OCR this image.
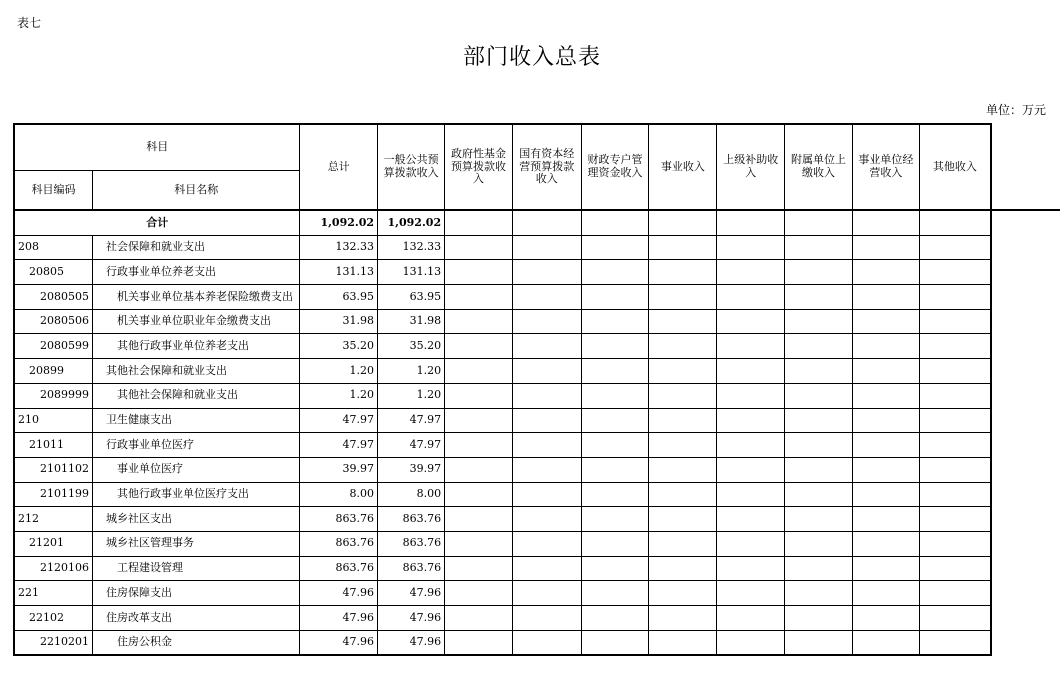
表七
部门收入总表
单位：万元
科目		总计	一般公共预算拨款收入	政府性基金预算拨款收入	国有资本经营预算拨款收入	财政专户管理资金收入	事业收入	上级补助收入	附属单位上缴收入	事业单位经营收入	其他收入
科目编码	科目名称										
合计		1,092.02	1,092.02								
208	社会保障和就业支出	132.33	132.33								
20805	行政事业单位养老支出	131.13	131.13								
2080505	机关事业单位基本养老保险缴费支出	63.95	63.95								
2080506	机关事业单位职业年金缴费支出	31.98	31.98								
2080599	其他行政事业单位养老支出	35.20	35.20								
20899	其他社会保障和就业支出	1.20	1.20								
2089999	其他社会保障和就业支出	1.20	1.20								
210	卫生健康支出	47.97	47.97								
21011	行政事业单位医疗	47.97	47.97								
2101102	事业单位医疗	39.97	39.97								
2101199	其他行政事业单位医疗支出	8.00	8.00								
212	城乡社区支出	863.76	863.76								
21201	城乡社区管理事务	863.76	863.76								
2120106	工程建设管理	863.76	863.76								
221	住房保障支出	47.96	47.96								
22102	住房改革支出	47.96	47.96								
2210201	住房公积金	47.96	47.96								
